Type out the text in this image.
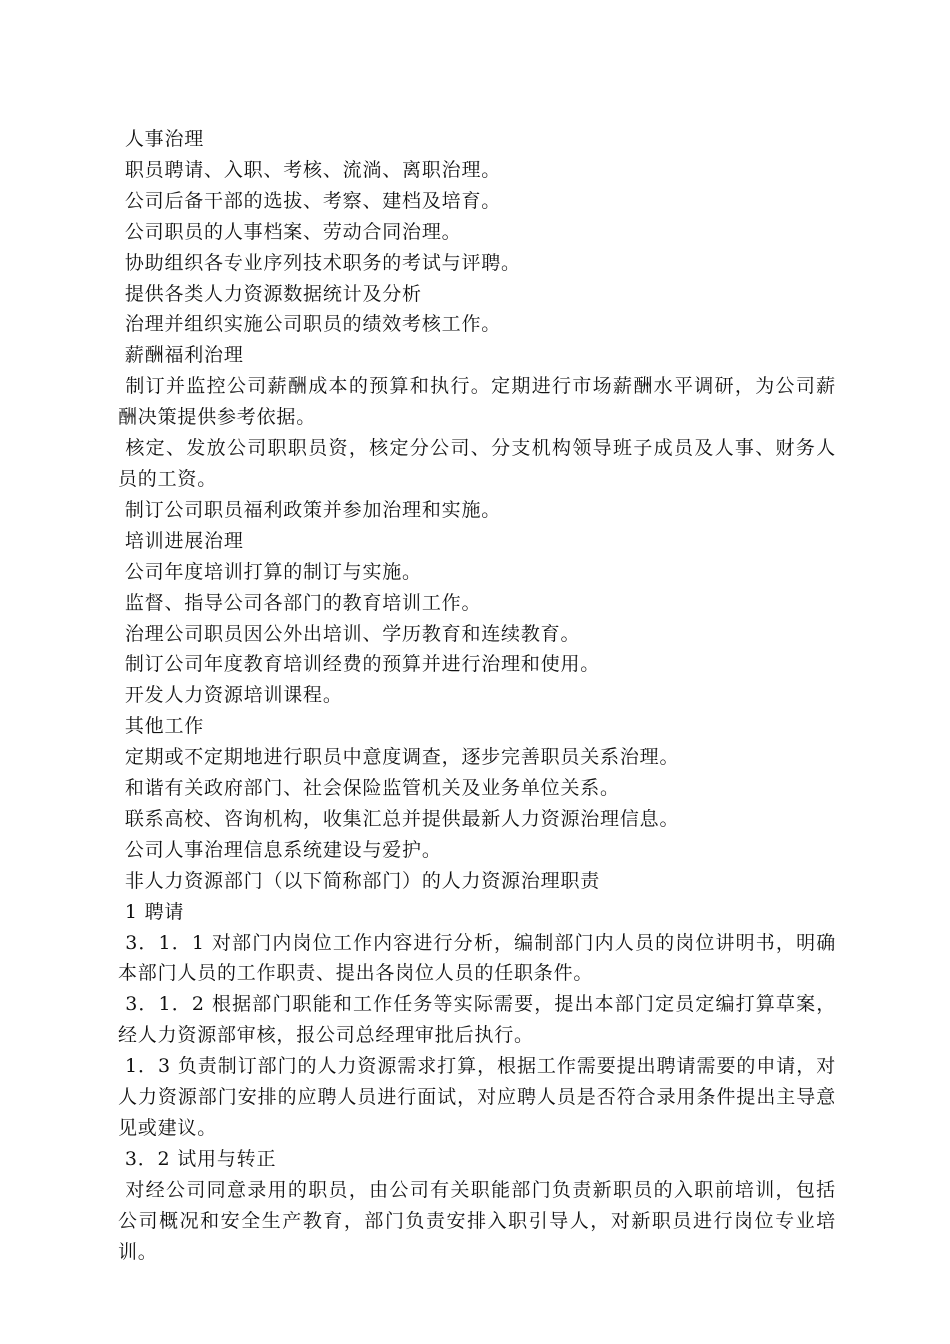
人事治理

职员聘请、入职、考核、流淌、离职治理。

公司后备干部的选拔、考察、建档及培育。

公司职员的人事档案、劳动合同治理。

协助组织各专业序列技术职务的考试与评聘。

提供各类人力资源数据统计及分析

治理并组织实施公司职员的绩效考核工作。

薪酬福利治理

制订并监控公司薪酬成本的预算和执行。定期进行市场薪酬水平调研，为公司薪酬决策提供参考依据。

核定、发放公司职职员资，核定分公司、分支机构领导班子成员及人事、财务人员的工资。

制订公司职员福利政策并参加治理和实施。

培训进展治理

公司年度培训打算的制订与实施。

监督、指导公司各部门的教育培训工作。

治理公司职员因公外出培训、学历教育和连续教育。

制订公司年度教育培训经费的预算并进行治理和使用。

开发人力资源培训课程。

其他工作

定期或不定期地进行职员中意度调查，逐步完善职员关系治理。

和谐有关政府部门、社会保险监管机关及业务单位关系。

联系高校、咨询机构，收集汇总并提供最新人力资源治理信息。

公司人事治理信息系统建设与爱护。

非人力资源部门（以下简称部门）的人力资源治理职责

1 聘请

3．1．1 对部门内岗位工作内容进行分析，编制部门内人员的岗位讲明书，明确本部门人员的工作职责、提出各岗位人员的任职条件。

3．1．2 根据部门职能和工作任务等实际需要，提出本部门定员定编打算草案，经人力资源部审核，报公司总经理审批后执行。

1．3 负责制订部门的人力资源需求打算，根据工作需要提出聘请需要的申请，对人力资源部门安排的应聘人员进行面试，对应聘人员是否符合录用条件提出主导意见或建议。

3．2 试用与转正

对经公司同意录用的职员，由公司有关职能部门负责新职员的入职前培训，包括公司概况和安全生产教育，部门负责安排入职引导人，对新职员进行岗位专业培训。
